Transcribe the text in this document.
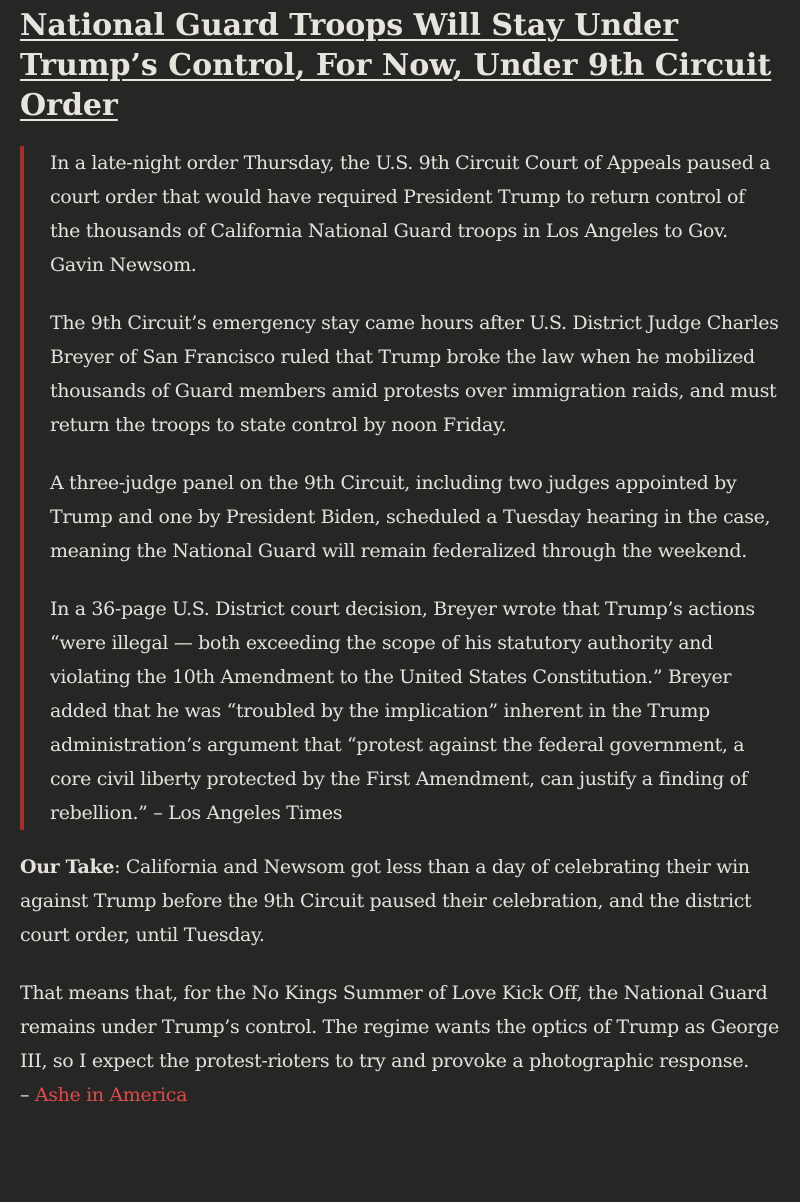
National Guard Troops Will Stay Under Trump’s Control, For Now, Under 9th Circuit Order

In a late-night order Thursday, the U.S. 9th Circuit Court of Appeals paused a court order that would have required President Trump to return control of the thousands of California National Guard troops in Los Angeles to Gov. Gavin Newsom.

The 9th Circuit’s emergency stay came hours after U.S. District Judge Charles Breyer of San Francisco ruled that Trump broke the law when he mobilized thousands of Guard members amid protests over immigration raids, and must return the troops to state control by noon Friday.

A three-judge panel on the 9th Circuit, including two judges appointed by Trump and one by President Biden, scheduled a Tuesday hearing in the case, meaning the National Guard will remain federalized through the weekend.

In a 36-page U.S. District court decision, Breyer wrote that Trump’s actions “were illegal — both exceeding the scope of his statutory authority and violating the 10th Amendment to the United States Constitution.” Breyer added that he was “troubled by the implication” inherent in the Trump administration’s argument that “protest against the federal government, a core civil liberty protected by the First Amendment, can justify a finding of rebellion.” – Los Angeles Times

Our Take: California and Newsom got less than a day of celebrating their win against Trump before the 9th Circuit paused their celebration, and the district court order, until Tuesday.

That means that, for the No Kings Summer of Love Kick Off, the National Guard remains under Trump’s control. The regime wants the optics of Trump as George III, so I expect the protest-rioters to try and provoke a photographic response.
– Ashe in America
